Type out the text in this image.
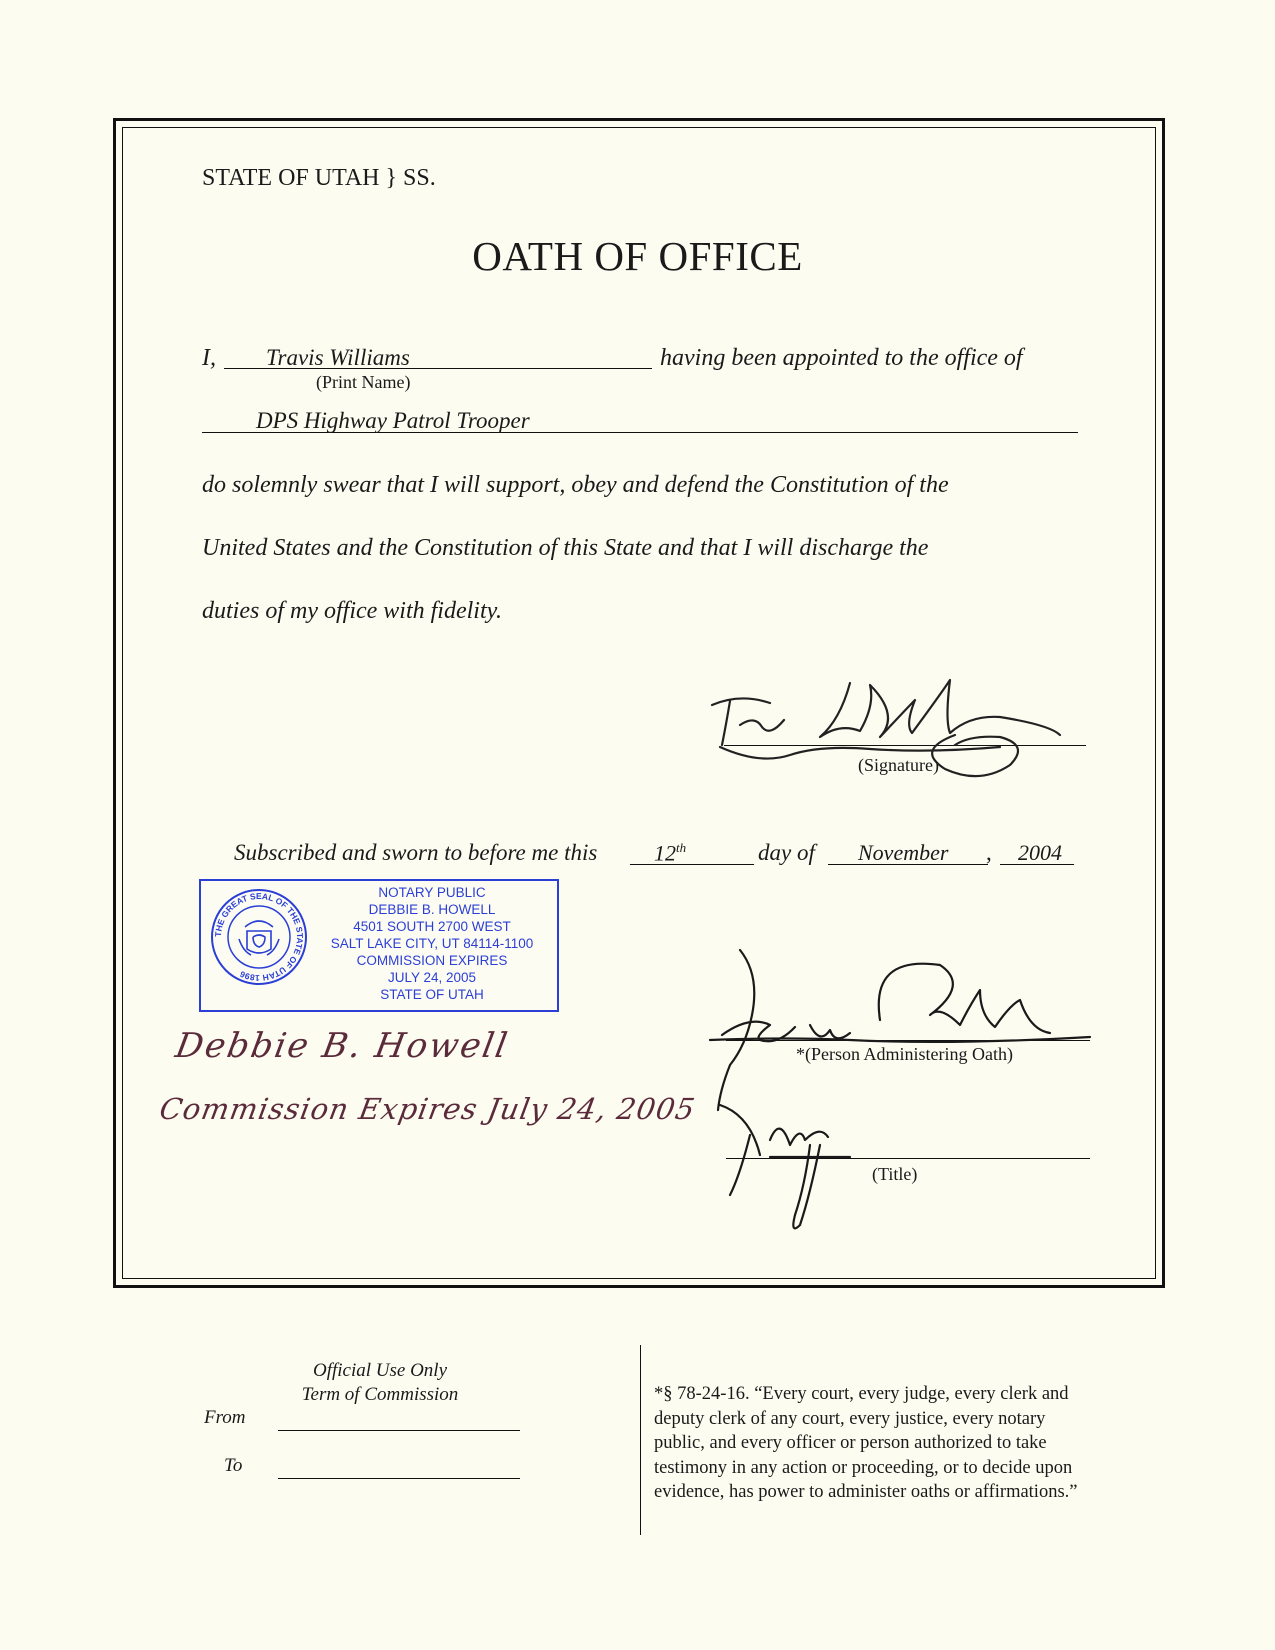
STATE OF UTAH } SS.
OATH OF OFFICE
I, Travis Williams	having been appointed to the office of
(Print Name)
DPS Highway Patrol Trooper
do solemnly swear that I will support, obey and defend the Constitution of the
United States and the Constitution of this State and that I will discharge the
duties of my office with fidelity.
(Signature)
Subscribed and sworn to before me this	12th	day of November , 2004
THE GREAT SEAL OF THE STATE OF UTAH 1896
NOTARY PUBLIC
DEBBIE B. HOWELL
4501 SOUTH 2700 WEST
SALT LAKE CITY, UT 84114-1100
COMMISSION EXPIRES
JULY 24, 2005
STATE OF UTAH
Debbie B. Howell
Commission Expires July 24, 2005
*(Person Administering Oath)
(Title)
Official Use Only
Term of Commission
From
To
*§ 78-24-16. “Every court, every judge, every clerk and
deputy clerk of any court, every justice, every notary
public, and every officer or person authorized to take
testimony in any action or proceeding, or to decide upon
evidence, has power to administer oaths or affirmations.”
